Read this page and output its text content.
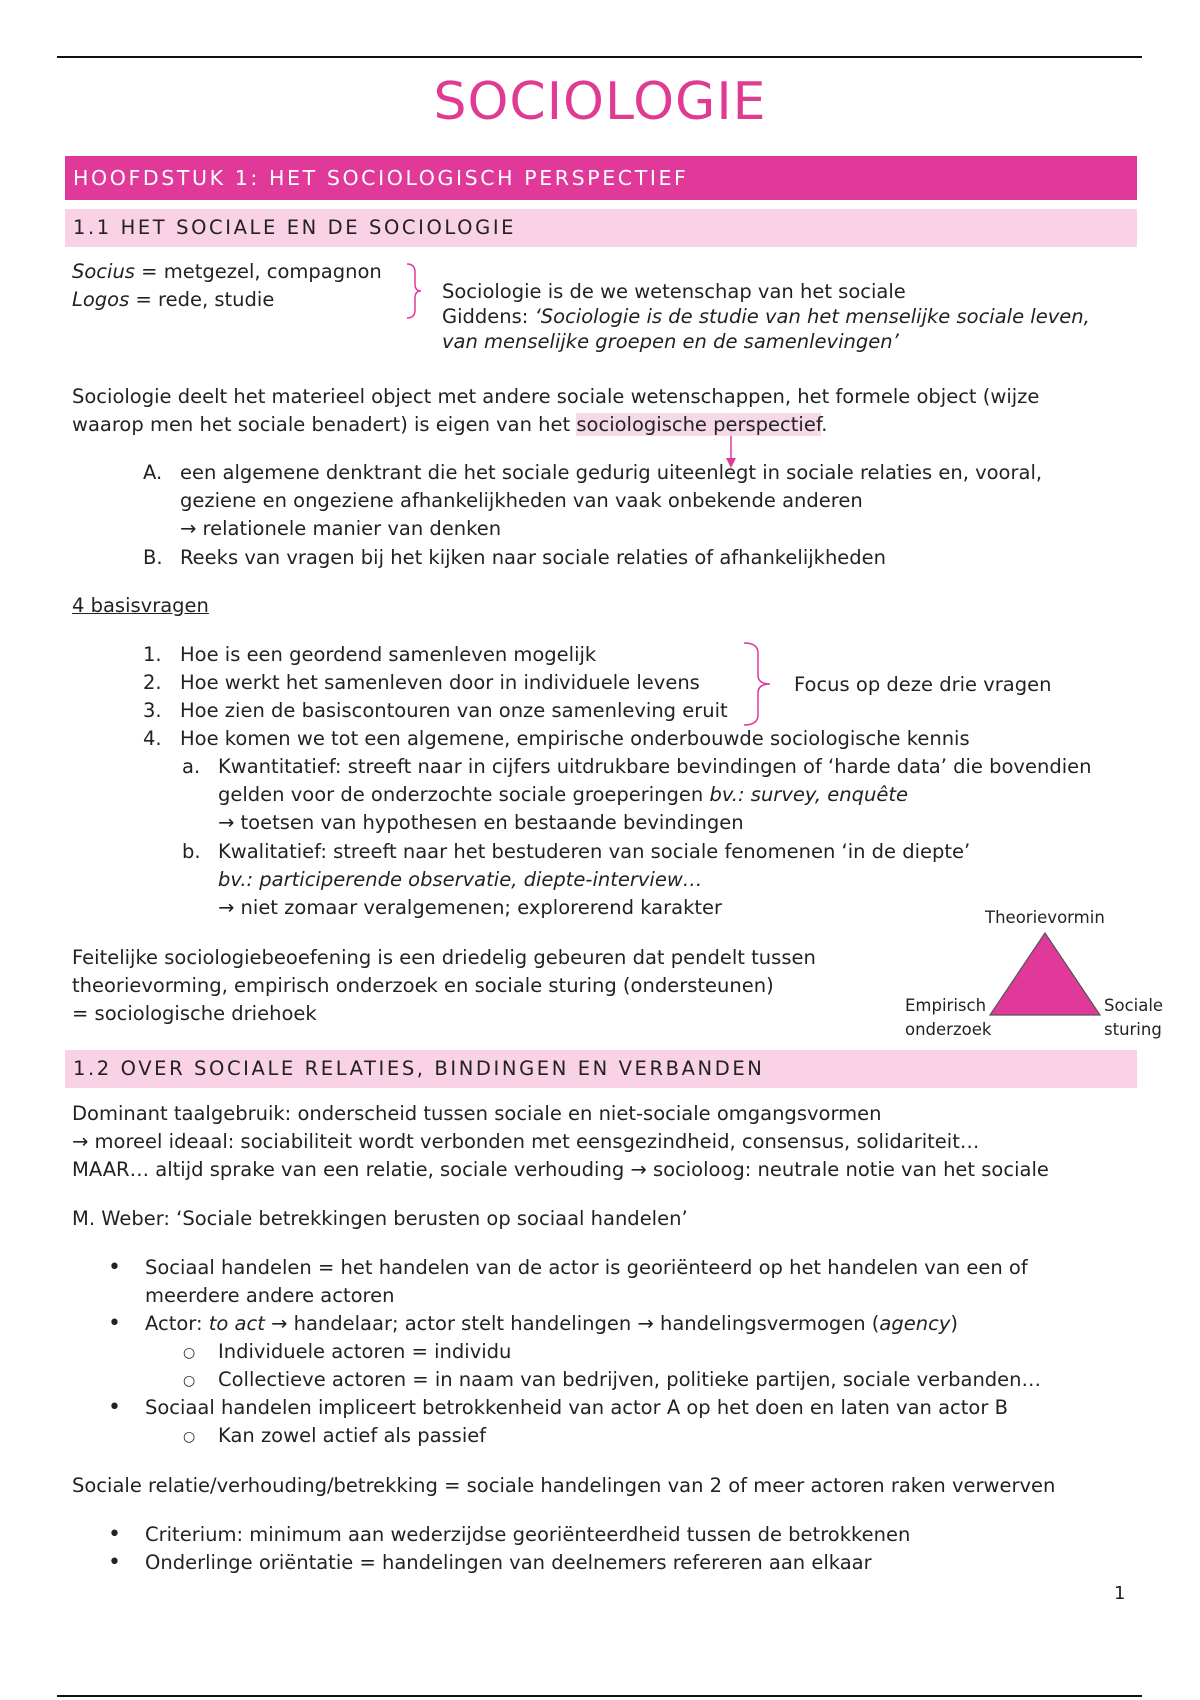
SOCIOLOGIE
HOOFDSTUK 1: HET SOCIOLOGISCH PERSPECTIEF
1.1 HET SOCIALE EN DE SOCIOLOGIE
Socius = metgezel, compagnon
Logos = rede, studie	Sociologie is de we wetenschap van het sociale
Giddens: ‘Sociologie is de studie van het menselijke sociale leven,
van menselijke groepen en de samenlevingen’
Sociologie deelt het materieel object met andere sociale wetenschappen, het formele object (wijze
waarop men het sociale benadert) is eigen van het sociologische perspectief.
A. een algemene denktrant die het sociale gedurig uiteenlegt in sociale relaties en, vooral,
geziene en ongeziene afhankelijkheden van vaak onbekende anderen
→ relationele manier van denken
B. Reeks van vragen bij het kijken naar sociale relaties of afhankelijkheden
4 basisvragen
1. Hoe is een geordend samenleven mogelijk
2. Hoe werkt het samenleven door in individuele levens
3. Hoe zien de basiscontouren van onze samenleving eruit
4. Hoe komen we tot een algemene, empirische onderbouwde sociologische kennis
Focus op deze drie vragen
a. Kwantitatief: streeft naar in cijfers uitdrukbare bevindingen of ‘harde data’ die bovendien
gelden voor de onderzochte sociale groeperingen bv.: survey, enquête
→ toetsen van hypothesen en bestaande bevindingen
b. Kwalitatief: streeft naar het bestuderen van sociale fenomenen ‘in de diepte’
bv.: participerende observatie, diepte-interview…
→ niet zomaar veralgemenen; explorerend karakter
Feitelijke sociologiebeoefening is een driedelig gebeuren dat pendelt tussen
theorievorming, empirisch onderzoek en sociale sturing (ondersteunen)
= sociologische driehoek
Theorievormin
Empirisch
onderzoek
Sociale
sturing
1.2 OVER SOCIALE RELATIES, BINDINGEN EN VERBANDEN
Dominant taalgebruik: onderscheid tussen sociale en niet-sociale omgangsvormen
→ moreel ideaal: sociabiliteit wordt verbonden met eensgezindheid, consensus, solidariteit…
MAAR… altijd sprake van een relatie, sociale verhouding → socioloog: neutrale notie van het sociale
M. Weber: ‘Sociale betrekkingen berusten op sociaal handelen’
• Sociaal handelen = het handelen van de actor is georiënteerd op het handelen van een of
meerdere andere actoren
• Actor: to act → handelaar; actor stelt handelingen → handelingsvermogen (agency)
○ Individuele actoren = individu
○ Collectieve actoren = in naam van bedrijven, politieke partijen, sociale verbanden…
• Sociaal handelen impliceert betrokkenheid van actor A op het doen en laten van actor B
○ Kan zowel actief als passief
Sociale relatie/verhouding/betrekking = sociale handelingen van 2 of meer actoren raken verwerven
• Criterium: minimum aan wederzijdse georiënteerdheid tussen de betrokkenen
• Onderlinge oriëntatie = handelingen van deelnemers refereren aan elkaar
1
